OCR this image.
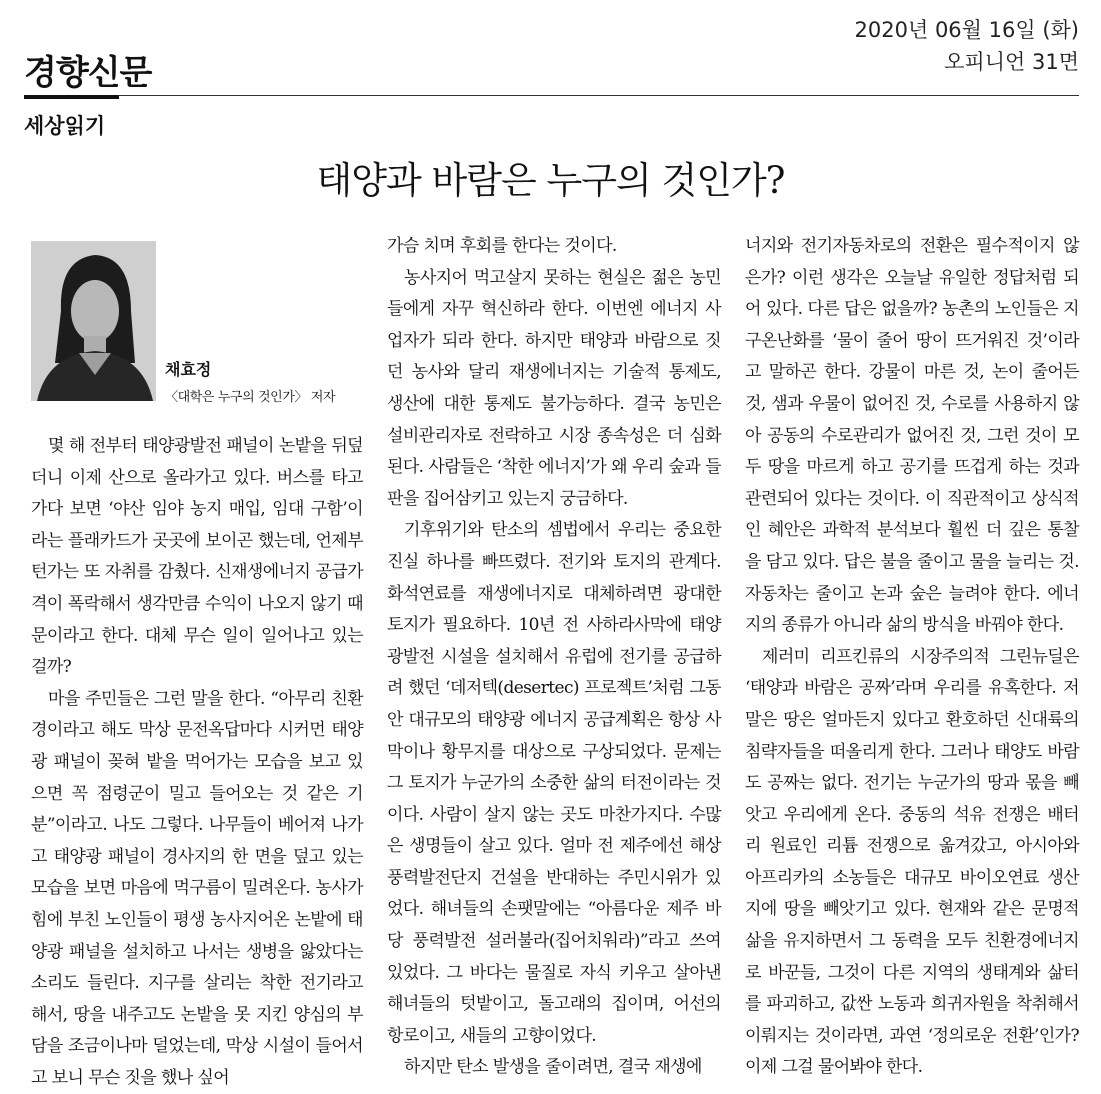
경향신문
2020년 06월 16일 (화)
오피니언 31면
세상읽기
태양과 바람은 누구의 것인가?
채효정
〈대학은 누구의 것인가〉 저자

몇 해 전부터 태양광발전 패널이 논밭을 뒤덮더니 이제 산으로 올라가고 있다. 버스를 타고 가다 보면 ‘야산 임야 농지 매입, 임대 구함’이라는 플래카드가 곳곳에 보이곤 했는데, 언제부턴가는 또 자취를 감췄다. 신재생에너지 공급가격이 폭락해서 생각만큼 수익이 나오지 않기 때문이라고 한다. 대체 무슨 일이 일어나고 있는 걸까?

마을 주민들은 그런 말을 한다. “아무리 친환경이라고 해도 막상 문전옥답마다 시커먼 태양광 패널이 꽂혀 밭을 먹어가는 모습을 보고 있으면 꼭 점령군이 밀고 들어오는 것 같은 기분”이라고. 나도 그렇다. 나무들이 베어져 나가고 태양광 패널이 경사지의 한 면을 덮고 있는 모습을 보면 마음에 먹구름이 밀려온다. 농사가 힘에 부친 노인들이 평생 농사지어온 논밭에 태양광 패널을 설치하고 나서는 생병을 앓았다는 소리도 들린다. 지구를 살리는 착한 전기라고 해서, 땅을 내주고도 논밭을 못 지킨 양심의 부담을 조금이나마 덜었는데, 막상 시설이 들어서고 보니 무슨 짓을 했나 싶어

가슴 치며 후회를 한다는 것이다.

농사지어 먹고살지 못하는 현실은 젊은 농민들에게 자꾸 혁신하라 한다. 이번엔 에너지 사업자가 되라 한다. 하지만 태양과 바람으로 짓던 농사와 달리 재생에너지는 기술적 통제도, 생산에 대한 통제도 불가능하다. 결국 농민은 설비관리자로 전락하고 시장 종속성은 더 심화된다. 사람들은 ‘착한 에너지’가 왜 우리 숲과 들판을 집어삼키고 있는지 궁금하다.

기후위기와 탄소의 셈법에서 우리는 중요한 진실 하나를 빠뜨렸다. 전기와 토지의 관계다. 화석연료를 재생에너지로 대체하려면 광대한 토지가 필요하다. 10년 전 사하라사막에 태양광발전 시설을 설치해서 유럽에 전기를 공급하려 했던 ‘데저텍(desertec) 프로젝트’처럼 그동안 대규모의 태양광 에너지 공급계획은 항상 사막이나 황무지를 대상으로 구상되었다. 문제는 그 토지가 누군가의 소중한 삶의 터전이라는 것이다. 사람이 살지 않는 곳도 마찬가지다. 수많은 생명들이 살고 있다. 얼마 전 제주에선 해상풍력발전단지 건설을 반대하는 주민시위가 있었다. 해녀들의 손팻말에는 “아름다운 제주 바당 풍력발전 설러불라(집어치워라)”라고 쓰여 있었다. 그 바다는 물질로 자식 키우고 살아낸 해녀들의 텃밭이고, 돌고래의 집이며, 어선의 항로이고, 새들의 고향이었다.

하지만 탄소 발생을 줄이려면, 결국 재생에

너지와 전기자동차로의 전환은 필수적이지 않은가? 이런 생각은 오늘날 유일한 정답처럼 되어 있다. 다른 답은 없을까? 농촌의 노인들은 지구온난화를 ‘물이 줄어 땅이 뜨거워진 것’이라고 말하곤 한다. 강물이 마른 것, 논이 줄어든 것, 샘과 우물이 없어진 것, 수로를 사용하지 않아 공동의 수로관리가 없어진 것, 그런 것이 모두 땅을 마르게 하고 공기를 뜨겁게 하는 것과 관련되어 있다는 것이다. 이 직관적이고 상식적인 혜안은 과학적 분석보다 훨씬 더 깊은 통찰을 담고 있다. 답은 불을 줄이고 물을 늘리는 것. 자동차는 줄이고 논과 숲은 늘려야 한다. 에너지의 종류가 아니라 삶의 방식을 바꿔야 한다.

제러미 리프킨류의 시장주의적 그린뉴딜은 ‘태양과 바람은 공짜’라며 우리를 유혹한다. 저 말은 땅은 얼마든지 있다고 환호하던 신대륙의 침략자들을 떠올리게 한다. 그러나 태양도 바람도 공짜는 없다. 전기는 누군가의 땅과 몫을 빼앗고 우리에게 온다. 중동의 석유 전쟁은 배터리 원료인 리튬 전쟁으로 옮겨갔고, 아시아와 아프리카의 소농들은 대규모 바이오연료 생산지에 땅을 빼앗기고 있다. 현재와 같은 문명적 삶을 유지하면서 그 동력을 모두 친환경에너지로 바꾼들, 그것이 다른 지역의 생태계와 삶터를 파괴하고, 값싼 노동과 희귀자원을 착취해서 이뤄지는 것이라면, 과연 ‘정의로운 전환’인가? 이제 그걸 물어봐야 한다.
